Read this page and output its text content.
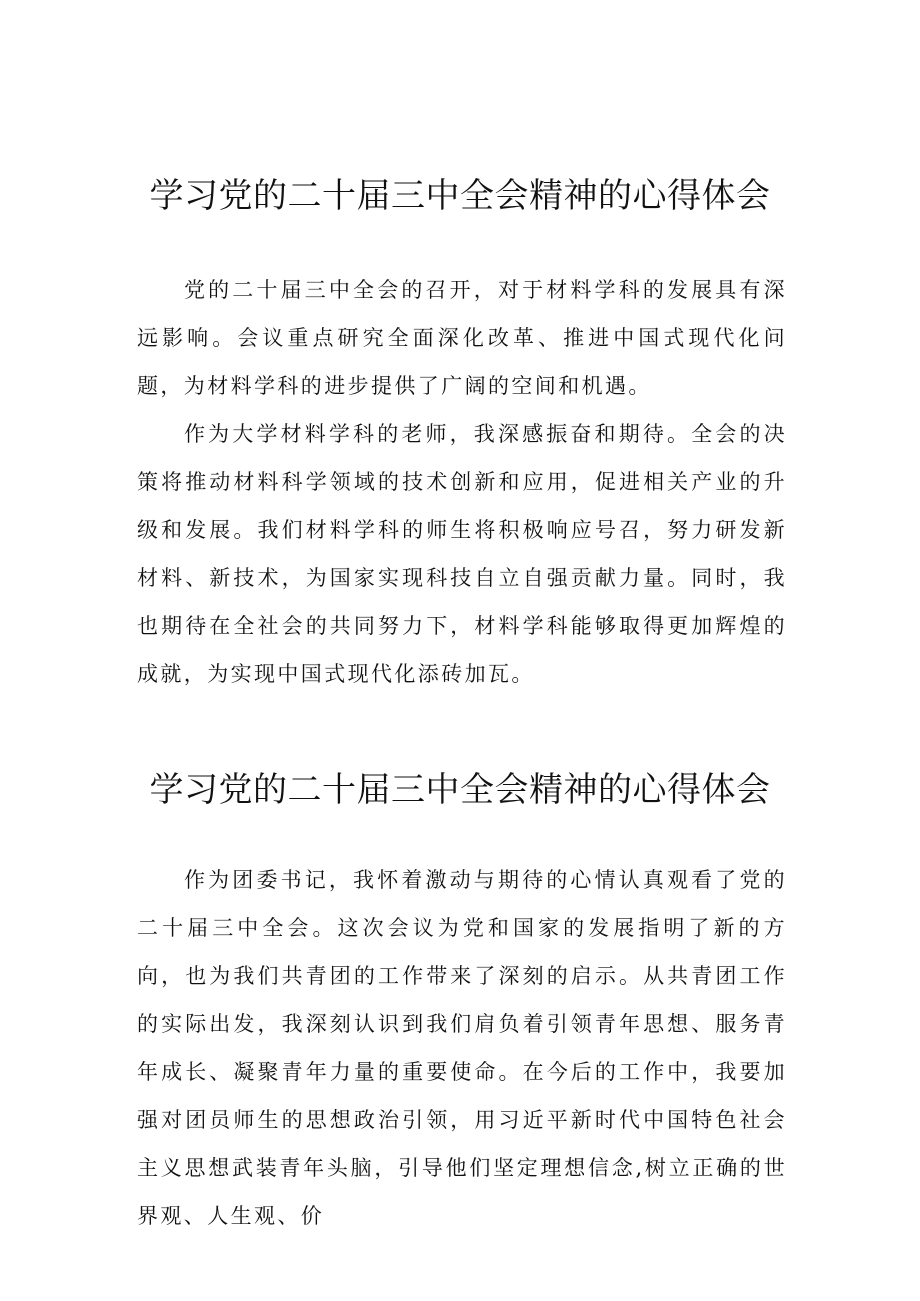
学习党的二十届三中全会精神的心得体会

党的二十届三中全会的召开，对于材料学科的发展具有深远影响。会议重点研究全面深化改革、推进中国式现代化问题，为材料学科的进步提供了广阔的空间和机遇。

作为大学材料学科的老师，我深感振奋和期待。全会的决策将推动材料科学领域的技术创新和应用，促进相关产业的升级和发展。我们材料学科的师生将积极响应号召，努力研发新材料、新技术，为国家实现科技自立自强贡献力量。同时，我也期待在全社会的共同努力下，材料学科能够取得更加辉煌的成就，为实现中国式现代化添砖加瓦。

学习党的二十届三中全会精神的心得体会

作为团委书记，我怀着激动与期待的心情认真观看了党的二十届三中全会。这次会议为党和国家的发展指明了新的方向，也为我们共青团的工作带来了深刻的启示。从共青团工作的实际出发，我深刻认识到我们肩负着引领青年思想、服务青年成长、凝聚青年力量的重要使命。在今后的工作中，我要加强对团员师生的思想政治引领，用习近平新时代中国特色社会主义思想武装青年头脑，引导他们坚定理想信念,树立正确的世界观、人生观、价
